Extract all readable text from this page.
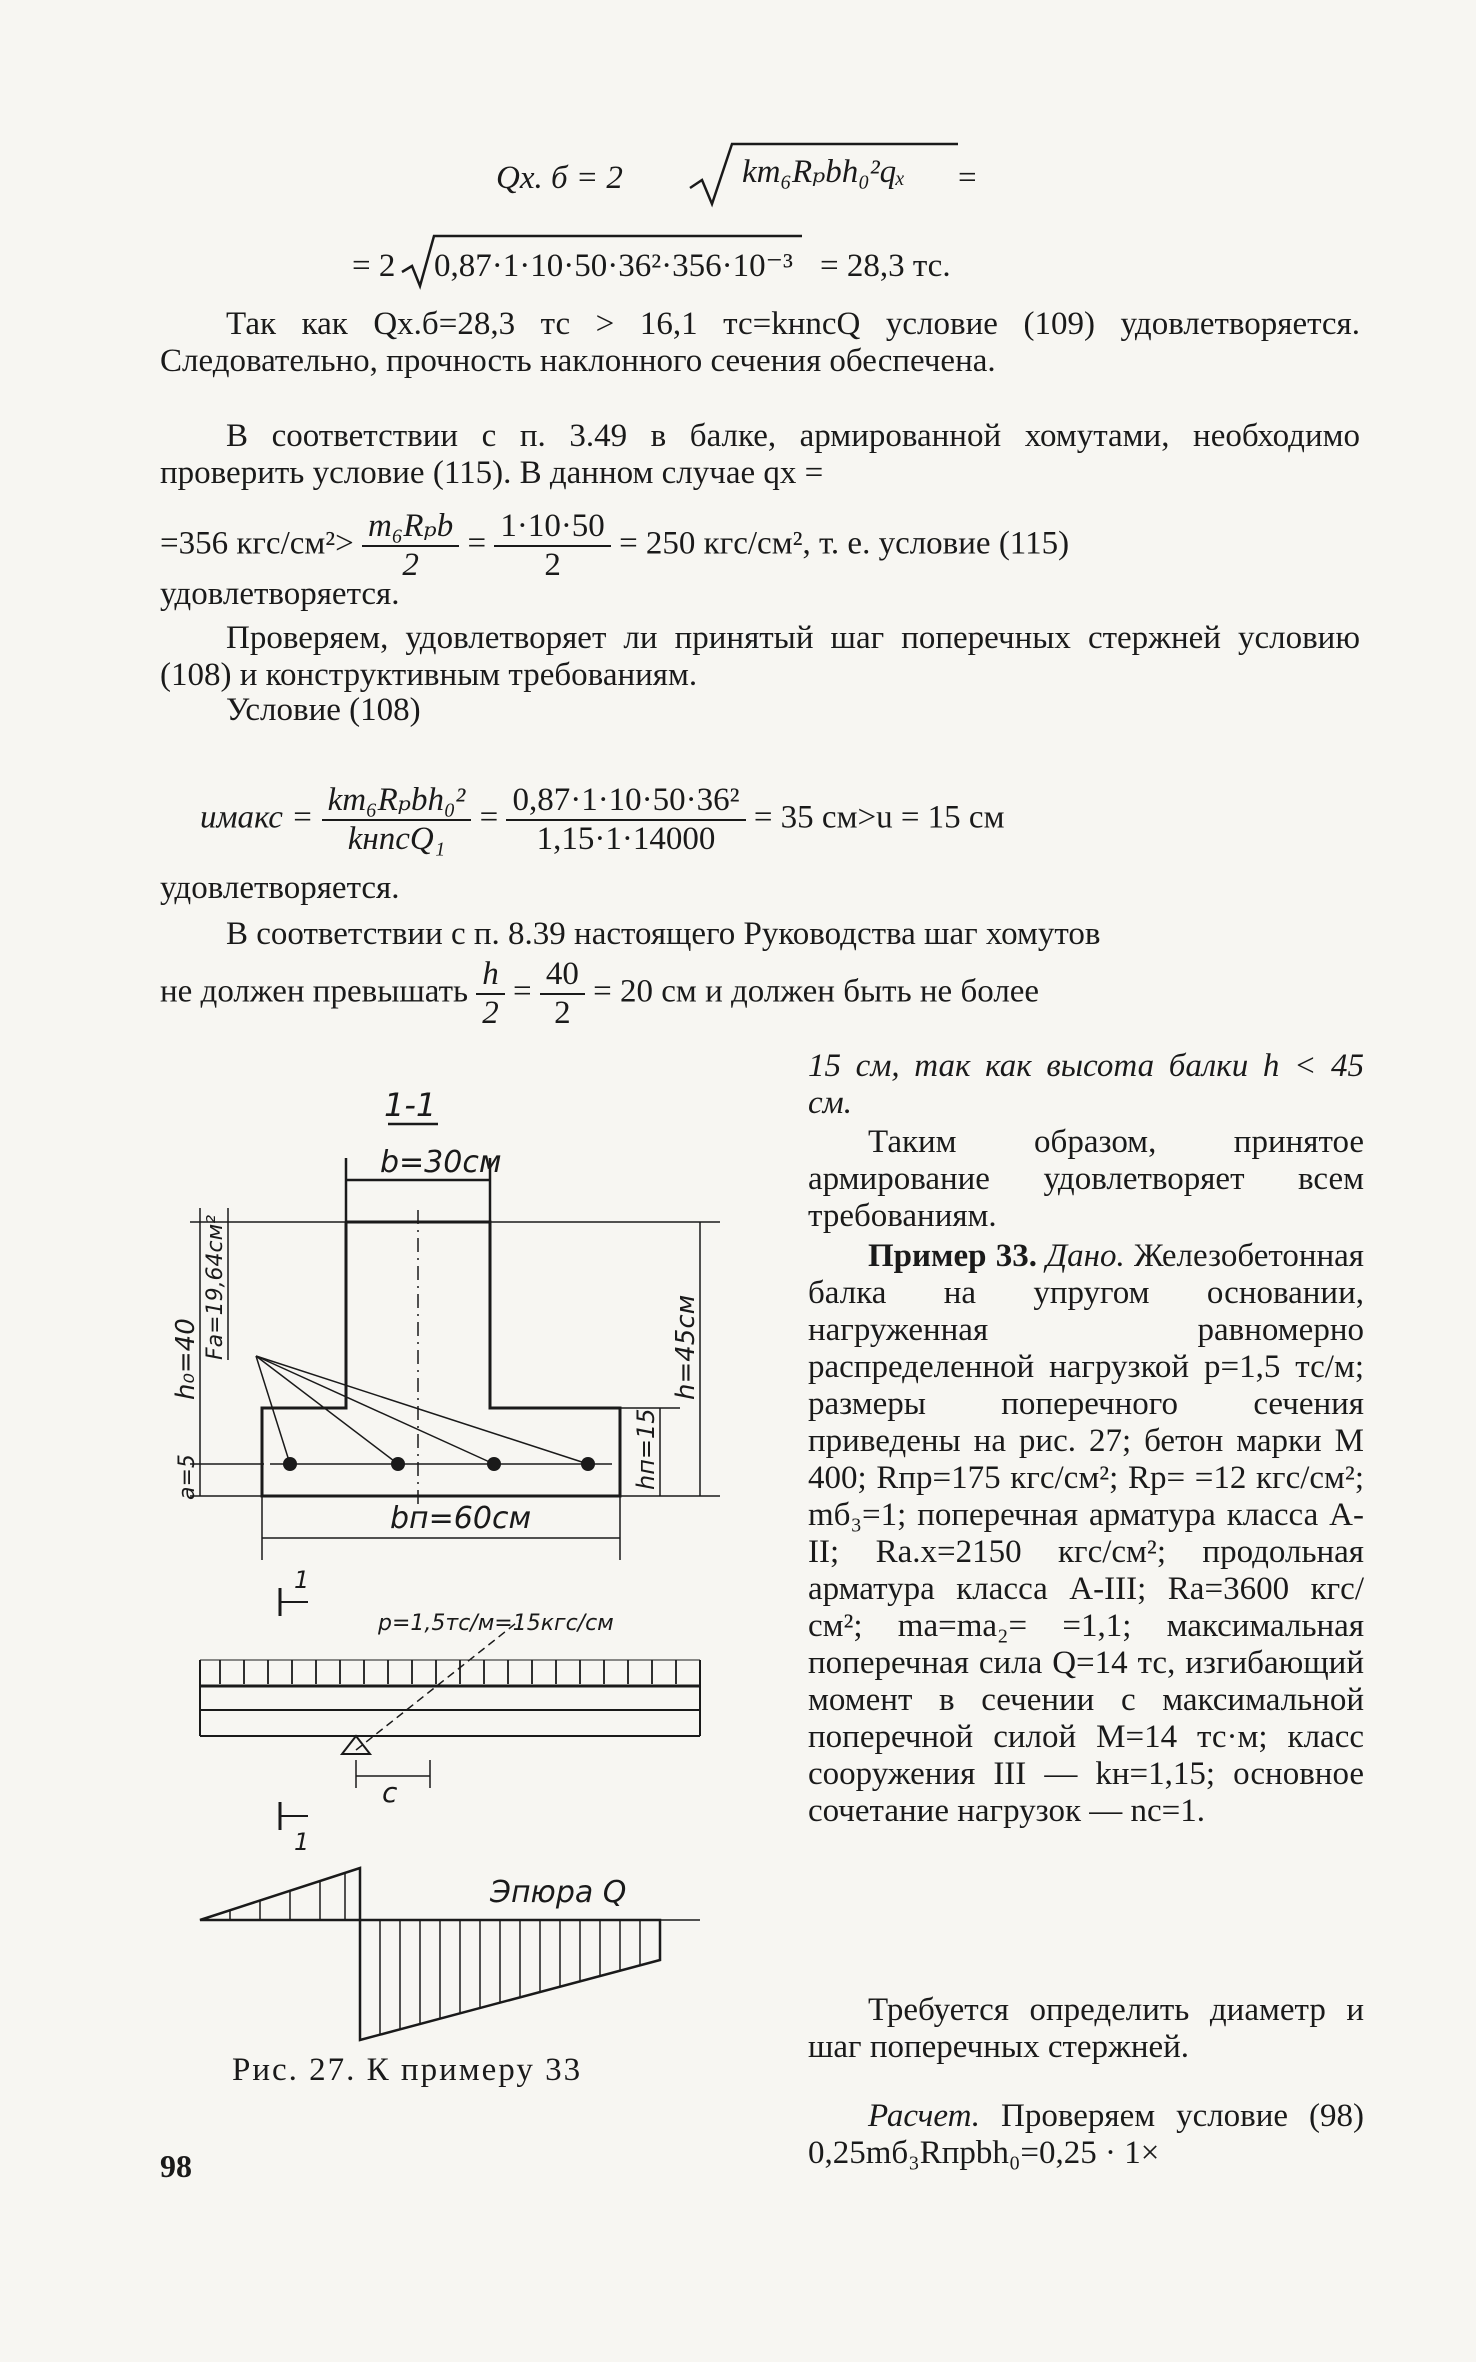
Qх. б = 2	km₆Rₚbh₀²qₓ =
= 2 0,87·1·10·50·36²·356·10⁻³ = 28,3 тс.
Так как Qх.б=28,3 тс > 16,1 тс=kнnсQ условие (109) удовлетворяется. Следовательно, прочность наклонного сечения обеспечена.
В соответствии с п. 3.49 в балке, армированной хомутами, необходимо проверить условие (115). В данном случае qх =
=356 $кгс/см^2> \frac{\text{m₆Rₚb}}{2} = \frac{1\cdot 10\cdot 50}{2} = 250$ кгс/см², т. е. условие (115)
удовлетворяется.
Проверяем, удовлетворяет ли принятый шаг поперечных стержней условию (108) и конструктивным требованиям.
Условие (108)
uмакс = $\frac{\text{km₆Rₚbh₀²}}{\text{kнnсQ₁}} = \frac{\text{0,87·1·10·50·36²}}{1,15\cdot 1\cdot 14000} = 35$ см>u = 15 см
удовлетворяется.
В соответствии с п. 8.39 настоящего Руководства шаг хомутов
не должен превышать $\frac{h}{2} = \frac{40}{2} = 20$ см и должен быть не более

15 см, так как высота балки h < 45 см.

Таким образом, принятое армирование удовлетворяет всем требованиям.
Пример 33. Дано. Железобетонная балка на упругом основании, нагруженная равномерно распределенной нагрузкой p=1,5 тс/м; размеры поперечного сечения приведены на рис. 27; бетон марки М 400; Rпр=175 кгс/см²; Rр= =12 кгс/см²; mб₃=1; поперечная арматура класса А-II; Rа.х=2150 кгс/см²; продольная арматура класса А-III; Rа=3600 кгс/см²; mа=mа₂= =1,1; максимальная поперечная сила Q=14 тс, изгибающий момент в сечении с максимальной поперечной силой M=14 тс·м; класс сооружения III — kн=1,15; основное сочетание нагрузок — nс=1.
Требуется определить диаметр и шаг поперечных стержней.
Расчет. Проверяем условие (98) 0,25mб₃Rпрbh₀=0,25 · 1×
1-1
b=30см
h₀=40 Fа=19,64см²	h=45см
a=5	hп=15
bп=60см
p=1,5тс/м=15кгс/см
1
1
c
Эпюра Q
Рис. 27. К примеру 33
98
